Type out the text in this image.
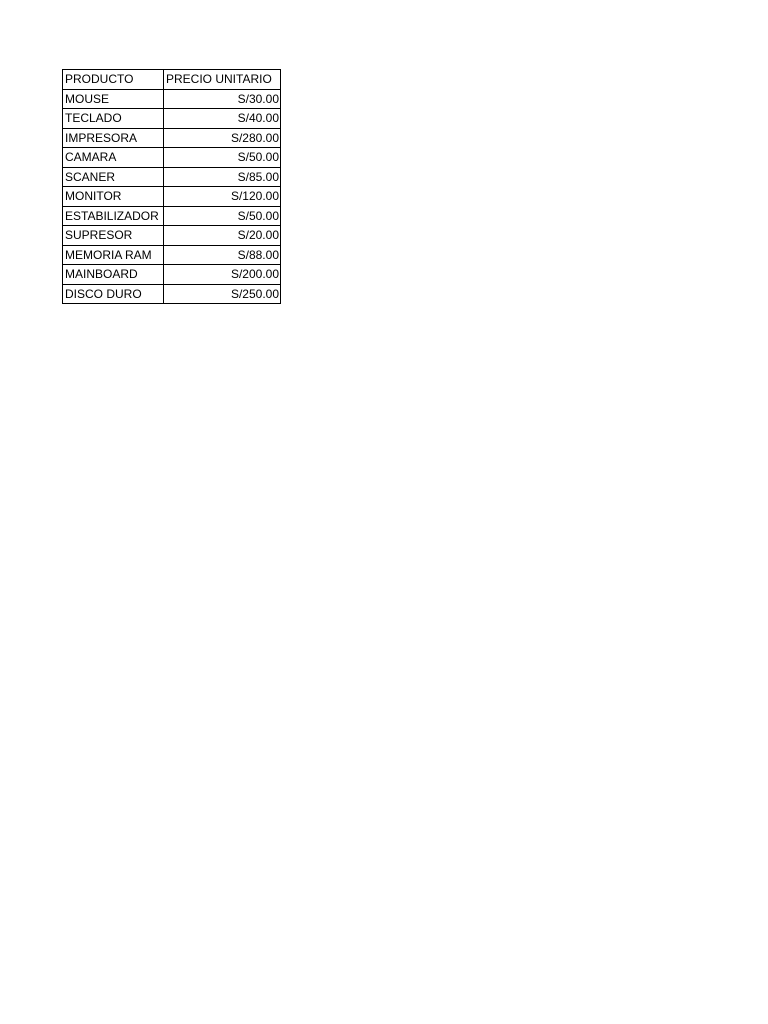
PRODUCTO	PRECIO UNITARIO
MOUSE	S/30.00
TECLADO	S/40.00
IMPRESORA	S/280.00
CAMARA	S/50.00
SCANER	S/85.00
MONITOR	S/120.00
ESTABILIZADOR	S/50.00
SUPRESOR	S/20.00
MEMORIA RAM	S/88.00
MAINBOARD	S/200.00
DISCO DURO	S/250.00
